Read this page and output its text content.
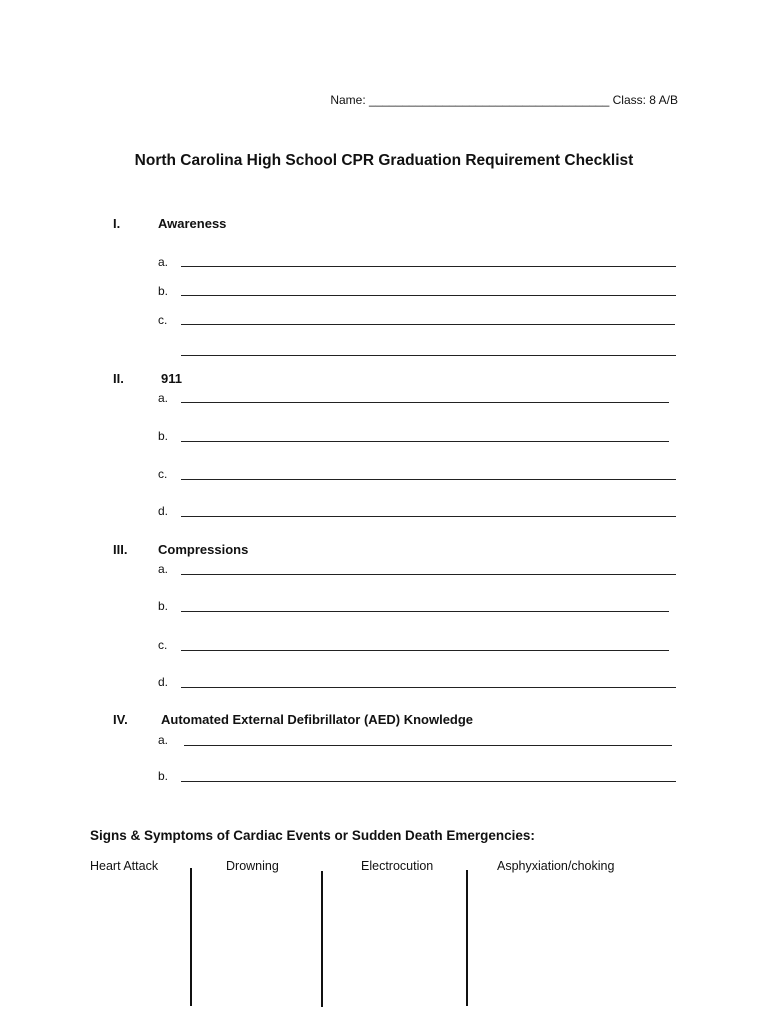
Name: ____________________________________ Class: 8 A/B
North Carolina High School CPR Graduation Requirement Checklist
I.	Awareness
a.
b.
c.
II.	911
a.
b.
c.
d.
III. Compressions
a.
b.
c.
d.
IV.	Automated External Defibrillator (AED) Knowledge
a.
b.
Signs & Symptoms of Cardiac Events or Sudden Death Emergencies:
Heart Attack	Drowning	Electrocution	Asphyxiation/choking
